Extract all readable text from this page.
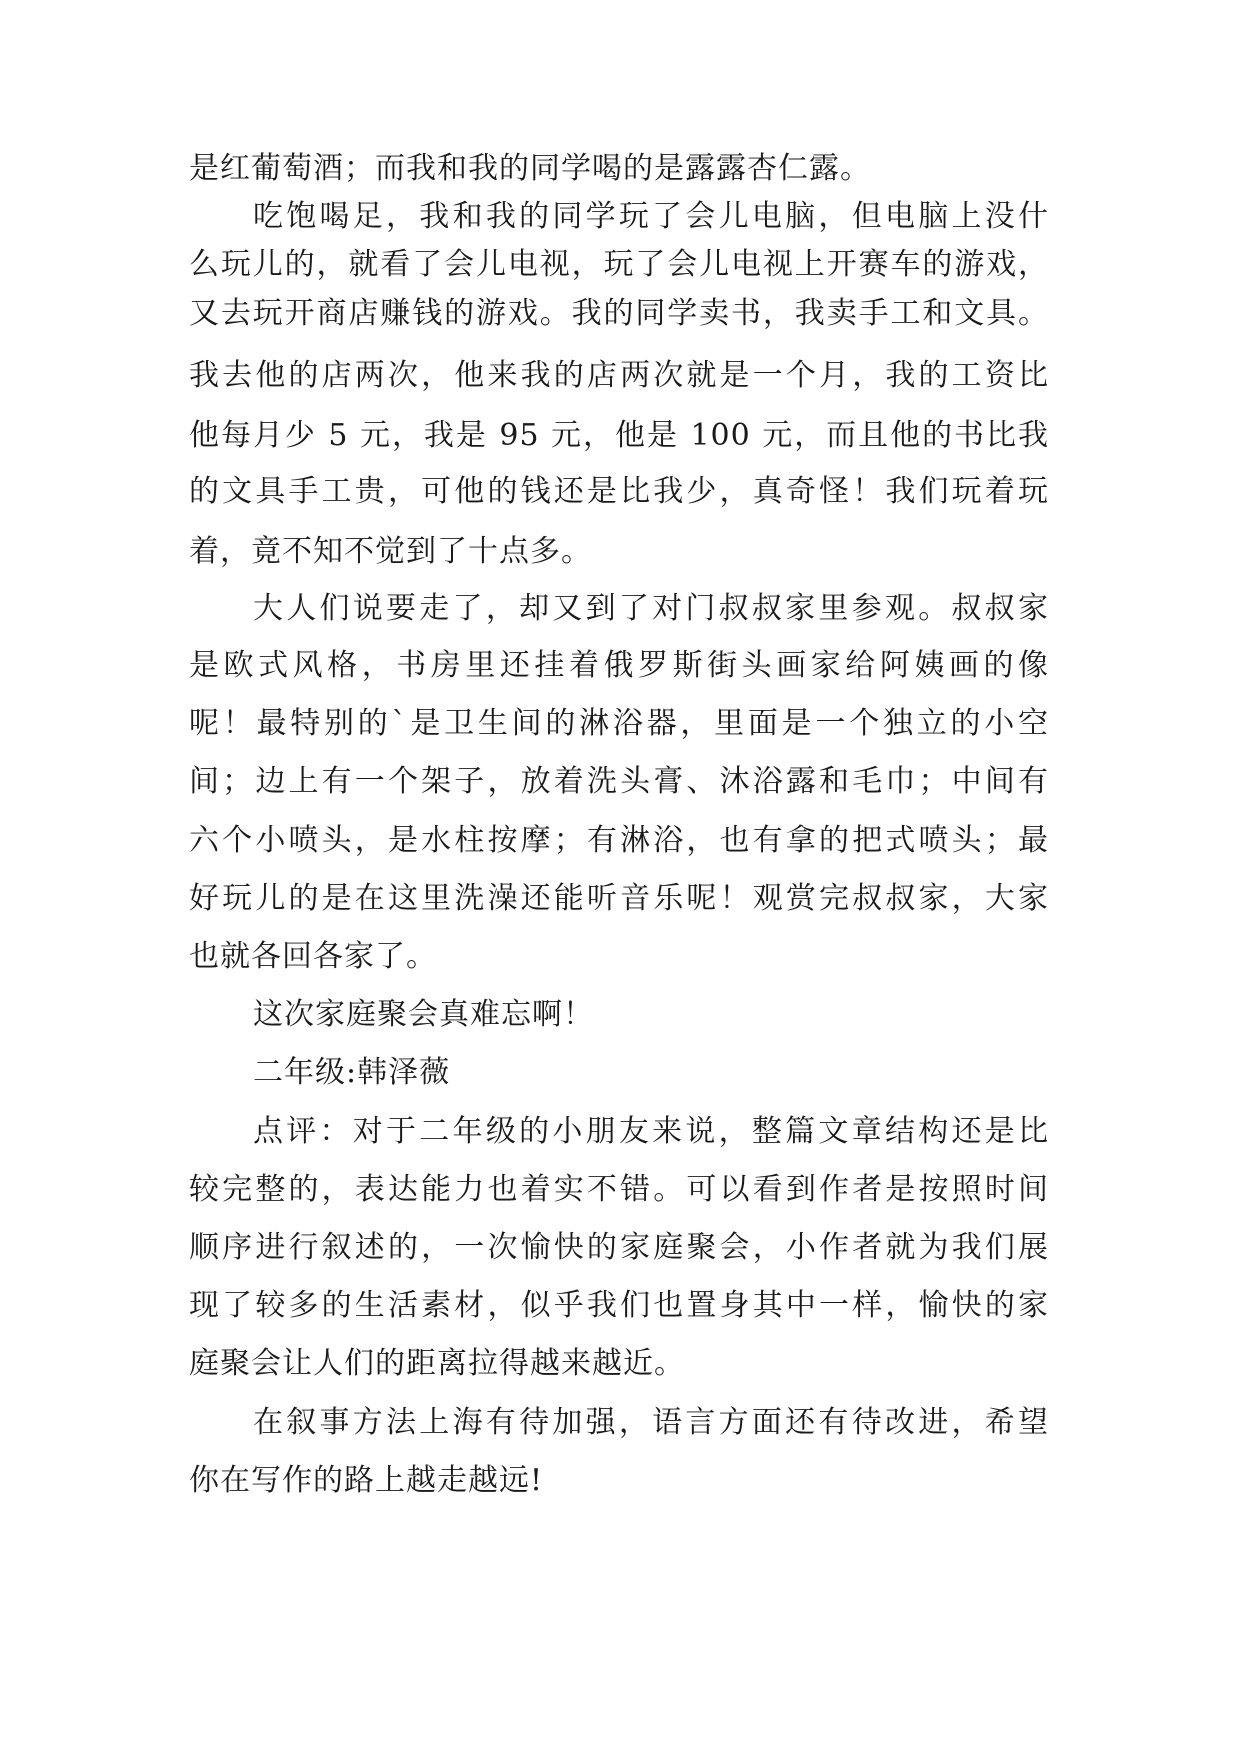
是红葡萄酒；而我和我的同学喝的是露露杏仁露。
吃饱喝足，我和我的同学玩了会儿电脑，但电脑上没什
么玩儿的，就看了会儿电视，玩了会儿电视上开赛车的游戏，
又去玩开商店赚钱的游戏。我的同学卖书，我卖手工和文具。
我去他的店两次，他来我的店两次就是一个月，我的工资比
他每月少 5 元，我是 95 元，他是 100 元，而且他的书比我
的文具手工贵，可他的钱还是比我少，真奇怪！我们玩着玩
着，竟不知不觉到了十点多。
大人们说要走了，却又到了对门叔叔家里参观。叔叔家
是欧式风格，书房里还挂着俄罗斯街头画家给阿姨画的像
呢！最特别的`是卫生间的淋浴器，里面是一个独立的小空
间；边上有一个架子，放着洗头膏、沐浴露和毛巾；中间有
六个小喷头，是水柱按摩；有淋浴，也有拿的把式喷头；最
好玩儿的是在这里洗澡还能听音乐呢！观赏完叔叔家，大家
也就各回各家了。
这次家庭聚会真难忘啊！
二年级:韩泽薇
点评：对于二年级的小朋友来说，整篇文章结构还是比
较完整的，表达能力也着实不错。可以看到作者是按照时间
顺序进行叙述的，一次愉快的家庭聚会，小作者就为我们展
现了较多的生活素材，似乎我们也置身其中一样，愉快的家
庭聚会让人们的距离拉得越来越近。
在叙事方法上海有待加强，语言方面还有待改进，希望
你在写作的路上越走越远!
